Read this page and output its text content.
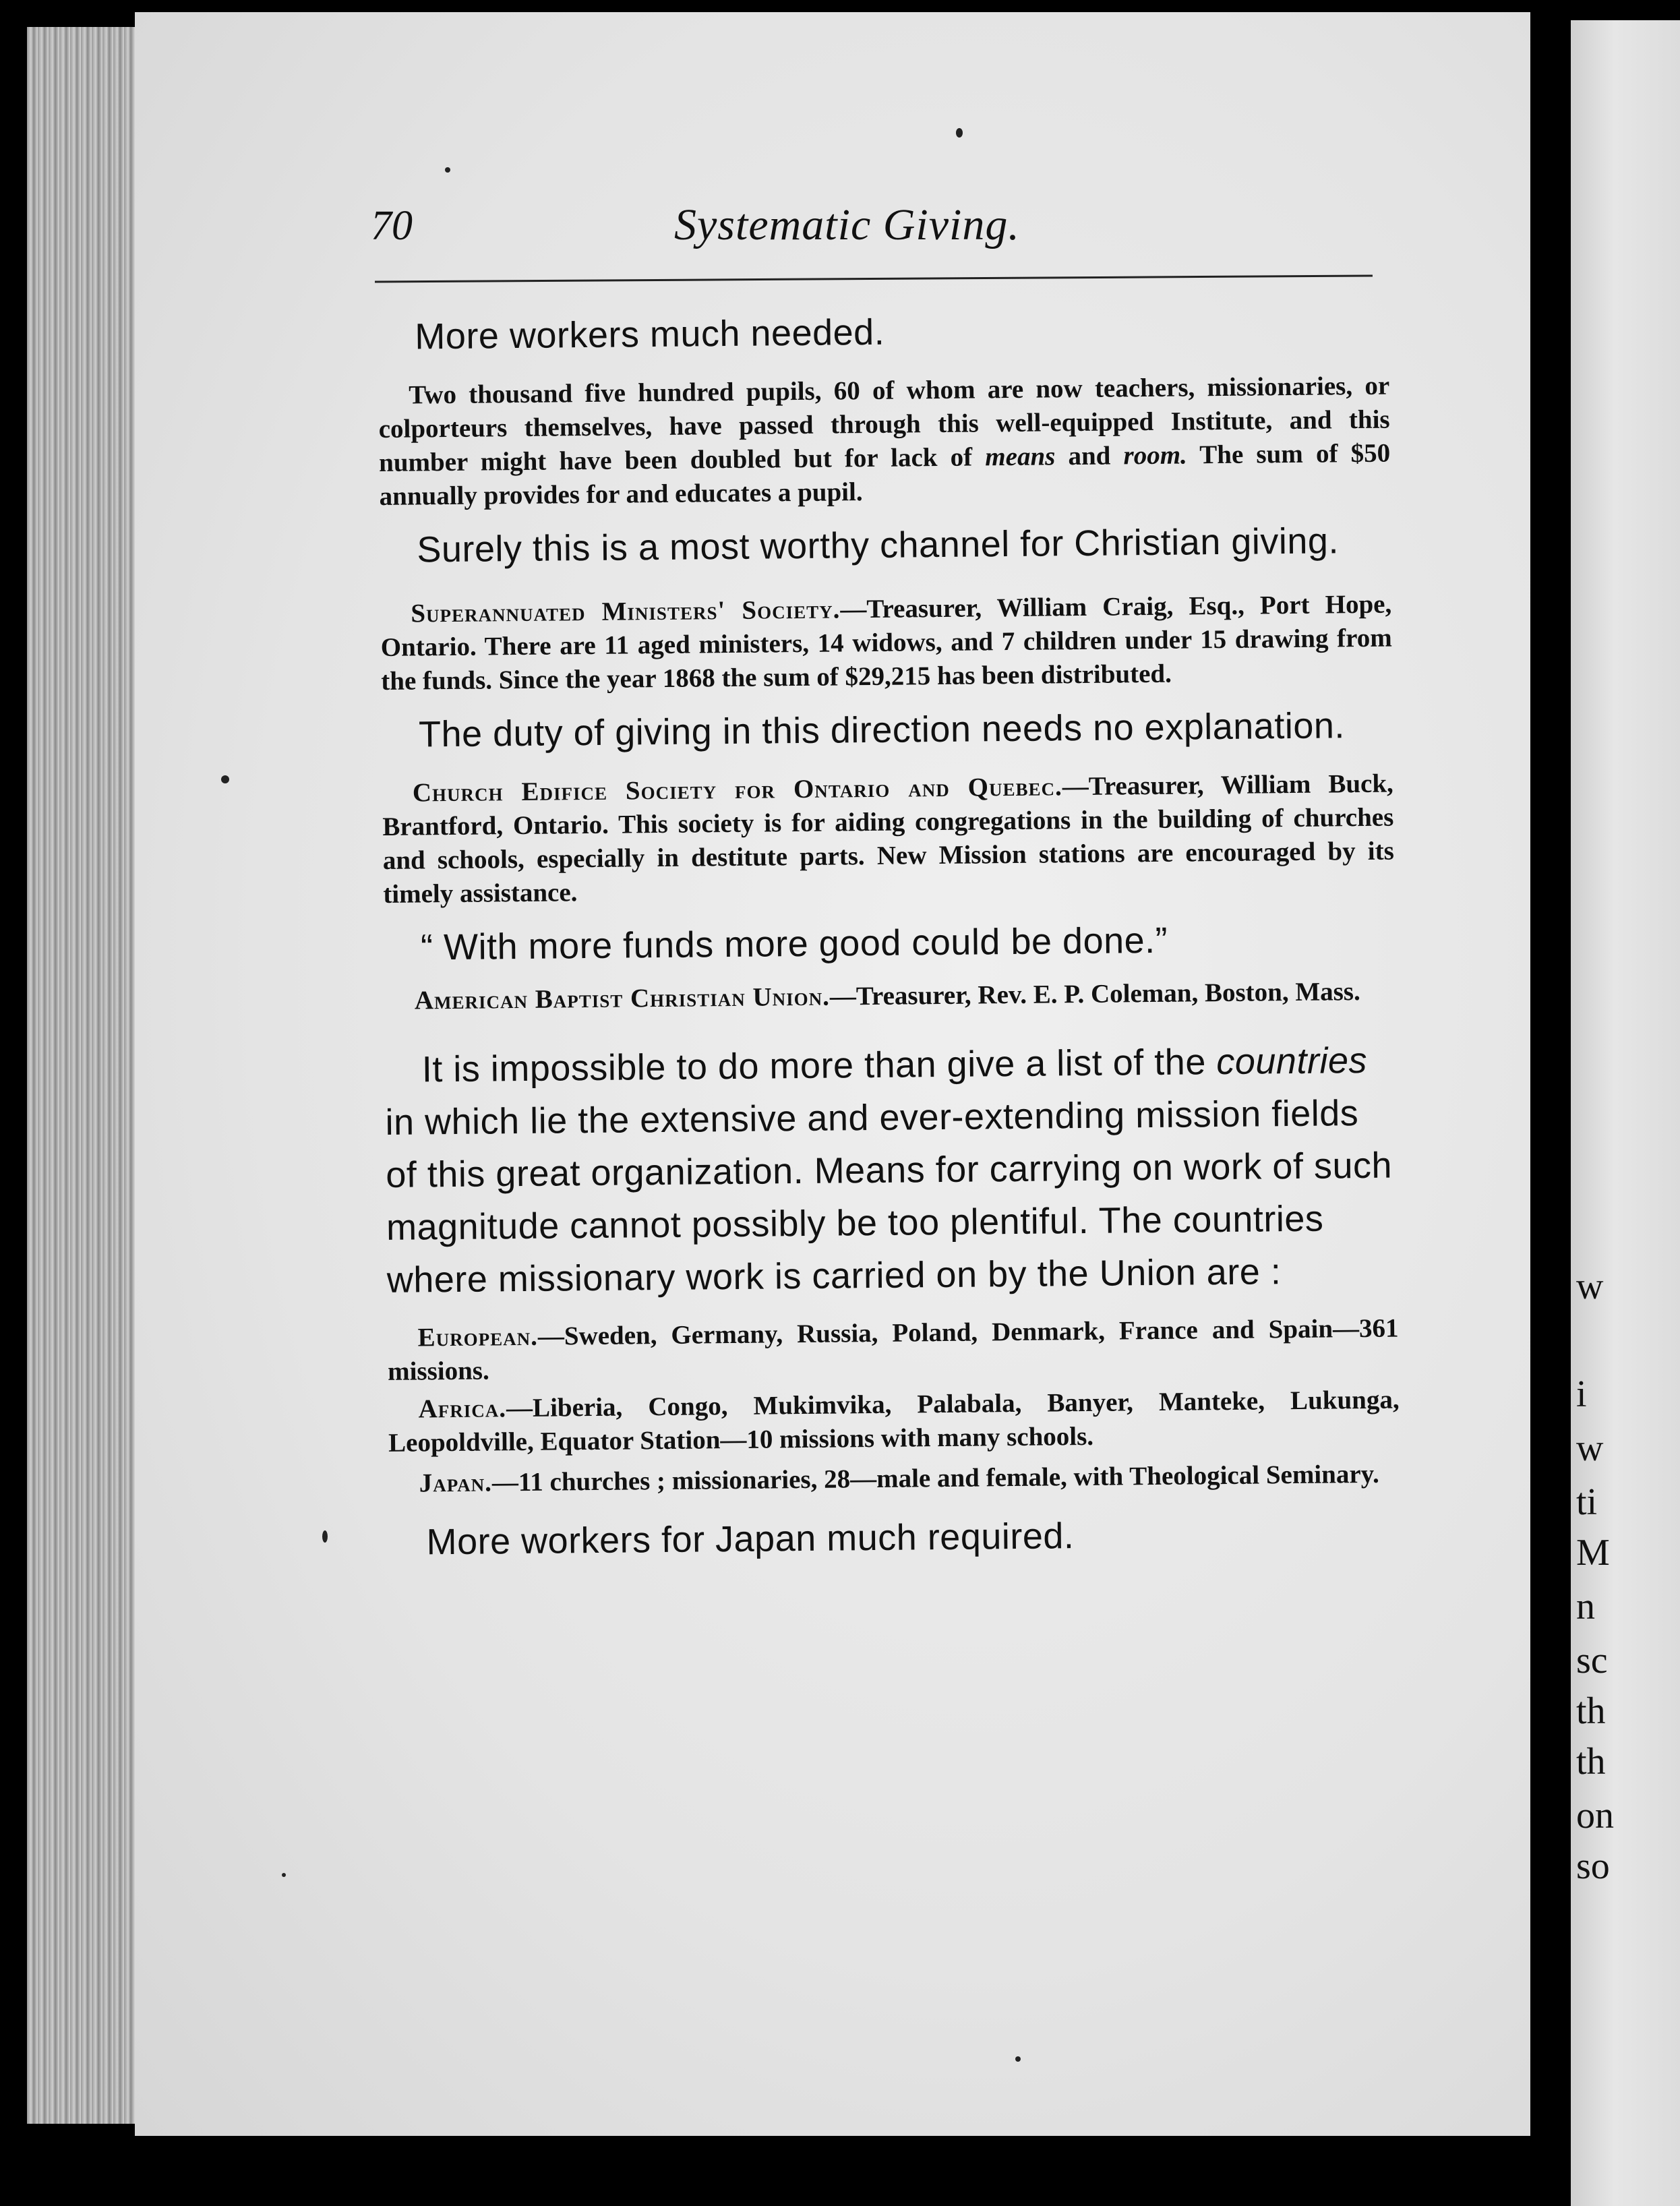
w
i
w
ti
M
n
sc
th
th
on
so
70	Systematic Giving.

More workers much needed.

Two thousand five hundred pupils, 60 of whom are now teachers, missionaries, or colporteurs themselves, have passed through this well-equipped Institute, and this number might have been doubled but for lack of means and room. The sum of $50 annually provides for and educates a pupil.

Surely this is a most worthy channel for Christian giving.

Superannuated Ministers' Society.—Treasurer, William Craig, Esq., Port Hope, Ontario. There are 11 aged ministers, 14 widows, and 7 children under 15 drawing from the funds. Since the year 1868 the sum of $29,215 has been distributed.

The duty of giving in this direction needs no explanation.

Church Edifice Society for Ontario and Quebec.—Treasurer, William Buck, Brantford, Ontario. This society is for aiding congregations in the building of churches and schools, especially in destitute parts. New Mission stations are encouraged by its timely assistance.

“ With more funds more good could be done.”

American Baptist Christian Union.—Treasurer, Rev. E. P. Coleman, Boston, Mass.

It is impossible to do more than give a list of the countries in which lie the extensive and ever-extending mission fields of this great organization. Means for carrying on work of such magnitude cannot possibly be too plentiful. The countries where missionary work is carried on by the Union are :

European.—Sweden, Germany, Russia, Poland, Denmark, France and Spain—361 missions.

Africa.—Liberia, Congo, Mukimvika, Palabala, Banyer, Manteke, Lukunga, Leopoldville, Equator Station—10 missions with many schools.

Japan.—11 churches ; missionaries, 28—male and female, with Theological Seminary.

More workers for Japan much required.
